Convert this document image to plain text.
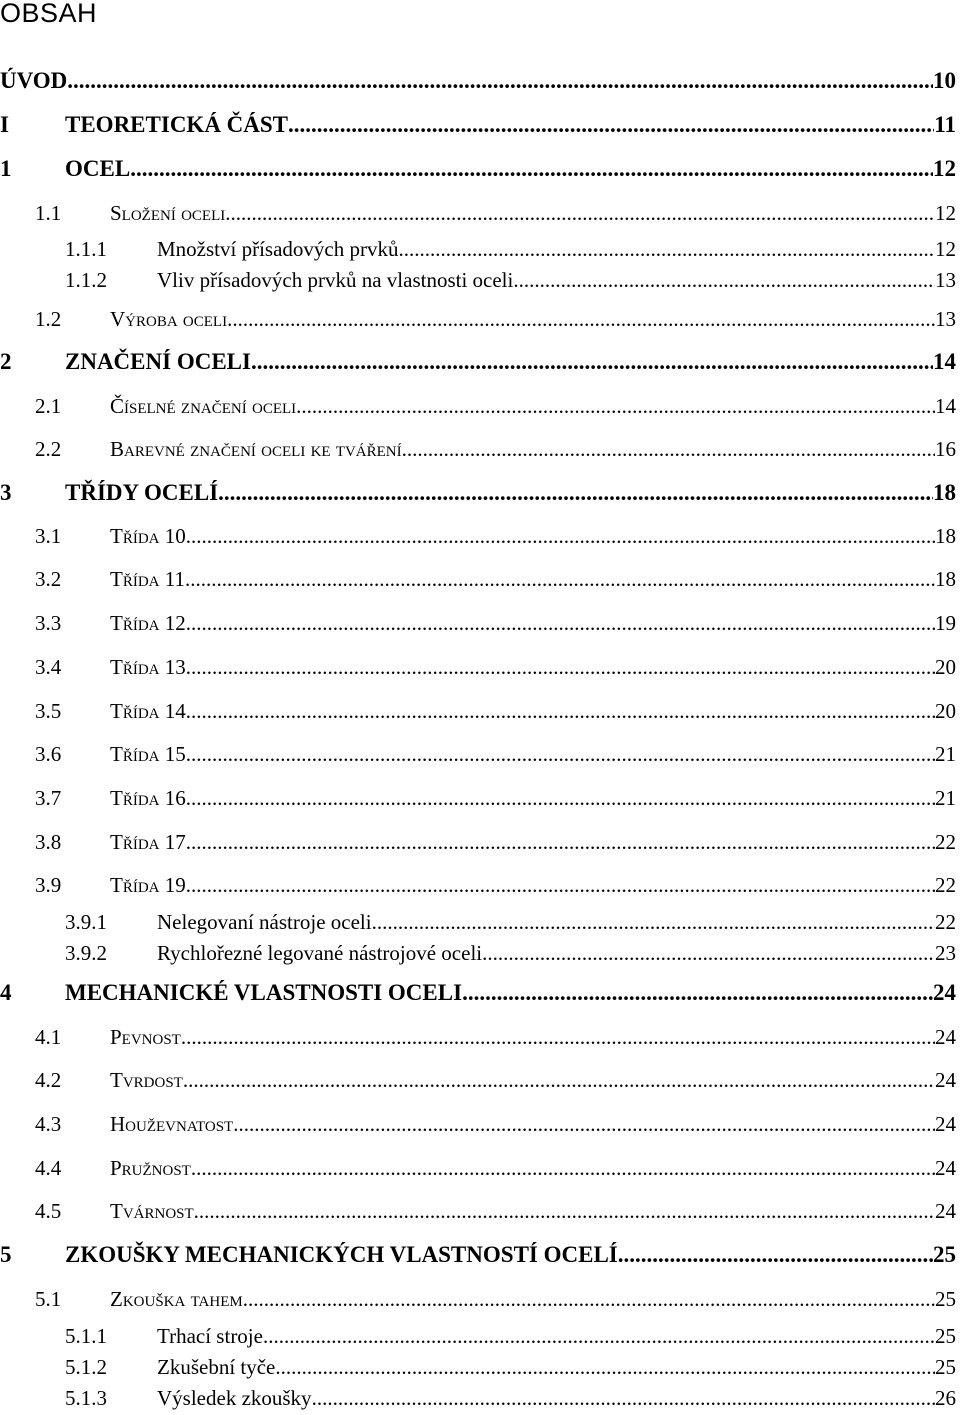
OBSAH
ÚVOD .....	10
I	TEORETICKÁ ČÁST .....	11
1	OCEL .....	12
1.1	Složení oceli .....	12
1.1.1	Množství přísadových prvků .....	12
1.1.2	Vliv přísadových prvků na vlastnosti oceli .....	13
1.2	Výroba oceli .....	13
2	ZNAČENÍ OCELI .....	14
2.1	Číselné značení oceli .....	14
2.2	Barevné značení oceli ke tváření .....	16
3	TŘÍDY OCELÍ .....	18
3.1	Třída 10 .....	18
3.2	Třída 11 .....	18
3.3	Třída 12 .....	19
3.4	Třída 13 .....	20
3.5	Třída 14 .....	20
3.6	Třída 15 .....	21
3.7	Třída 16 .....	21
3.8	Třída 17 .....	22
3.9	Třída 19 .....	22
3.9.1	Nelegovaní nástroje oceli .....	22
3.9.2	Rychlořezné legované nástrojové oceli .....	23
4	MECHANICKÉ VLASTNOSTI OCELI .....	24
4.1	Pevnost .....	24
4.2	Tvrdost .....	24
4.3	Houževnatost .....	24
4.4	Pružnost .....	24
4.5	Tvárnost .....	24
5	ZKOUŠKY MECHANICKÝCH VLASTNOSTÍ OCELÍ .....	25
5.1	Zkouška tahem .....	25
5.1.1	Trhací stroje .....	25
5.1.2	Zkušební tyče .....	25
5.1.3	Výsledek zkoušky .....	26
